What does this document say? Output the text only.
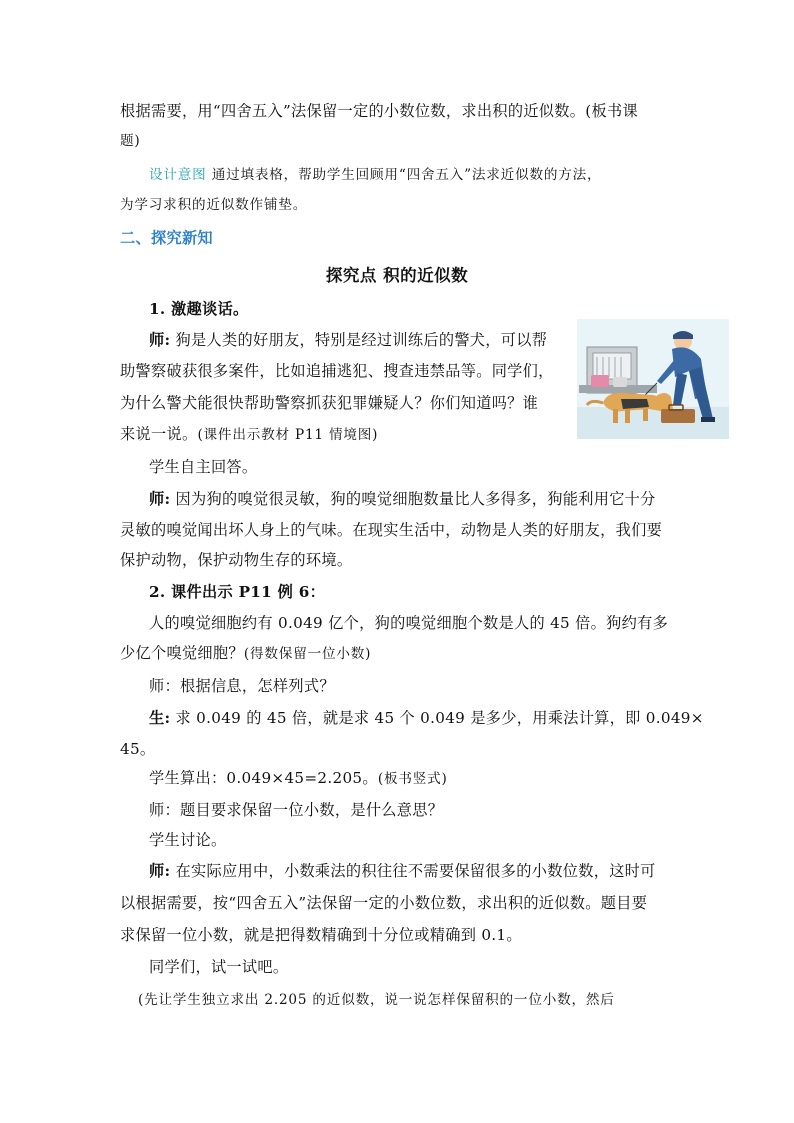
根据需要，用“四舍五入”法保留一定的小数位数，求出积的近似数。(板书课
题)
设计意图 通过填表格，帮助学生回顾用“四舍五入”法求近似数的方法，
为学习求积的近似数作铺垫。
二、探究新知
探究点 积的近似数
1. 激趣谈话。
师: 狗是人类的好朋友，特别是经过训练后的警犬，可以帮
助警察破获很多案件，比如追捕逃犯、搜查违禁品等。同学们，
为什么警犬能很快帮助警察抓获犯罪嫌疑人？你们知道吗？谁
来说一说。(课件出示教材 P11 情境图)
学生自主回答。
师: 因为狗的嗅觉很灵敏，狗的嗅觉细胞数量比人多得多，狗能利用它十分
灵敏的嗅觉闻出坏人身上的气味。在现实生活中，动物是人类的好朋友，我们要
保护动物，保护动物生存的环境。
2. 课件出示 P11 例 6：
人的嗅觉细胞约有 0.049 亿个，狗的嗅觉细胞个数是人的 45 倍。狗约有多
少亿个嗅觉细胞？(得数保留一位小数)
师：根据信息，怎样列式？
生: 求 0.049 的 45 倍，就是求 45 个 0.049 是多少，用乘法计算，即 0.049×
45。
学生算出：0.049×45=2.205。(板书竖式)
师：题目要求保留一位小数，是什么意思？
学生讨论。
师: 在实际应用中，小数乘法的积往往不需要保留很多的小数位数，这时可
以根据需要，按“四舍五入”法保留一定的小数位数，求出积的近似数。题目要
求保留一位小数，就是把得数精确到十分位或精确到 0.1。
同学们，试一试吧。
(先让学生独立求出 2.205 的近似数，说一说怎样保留积的一位小数，然后
